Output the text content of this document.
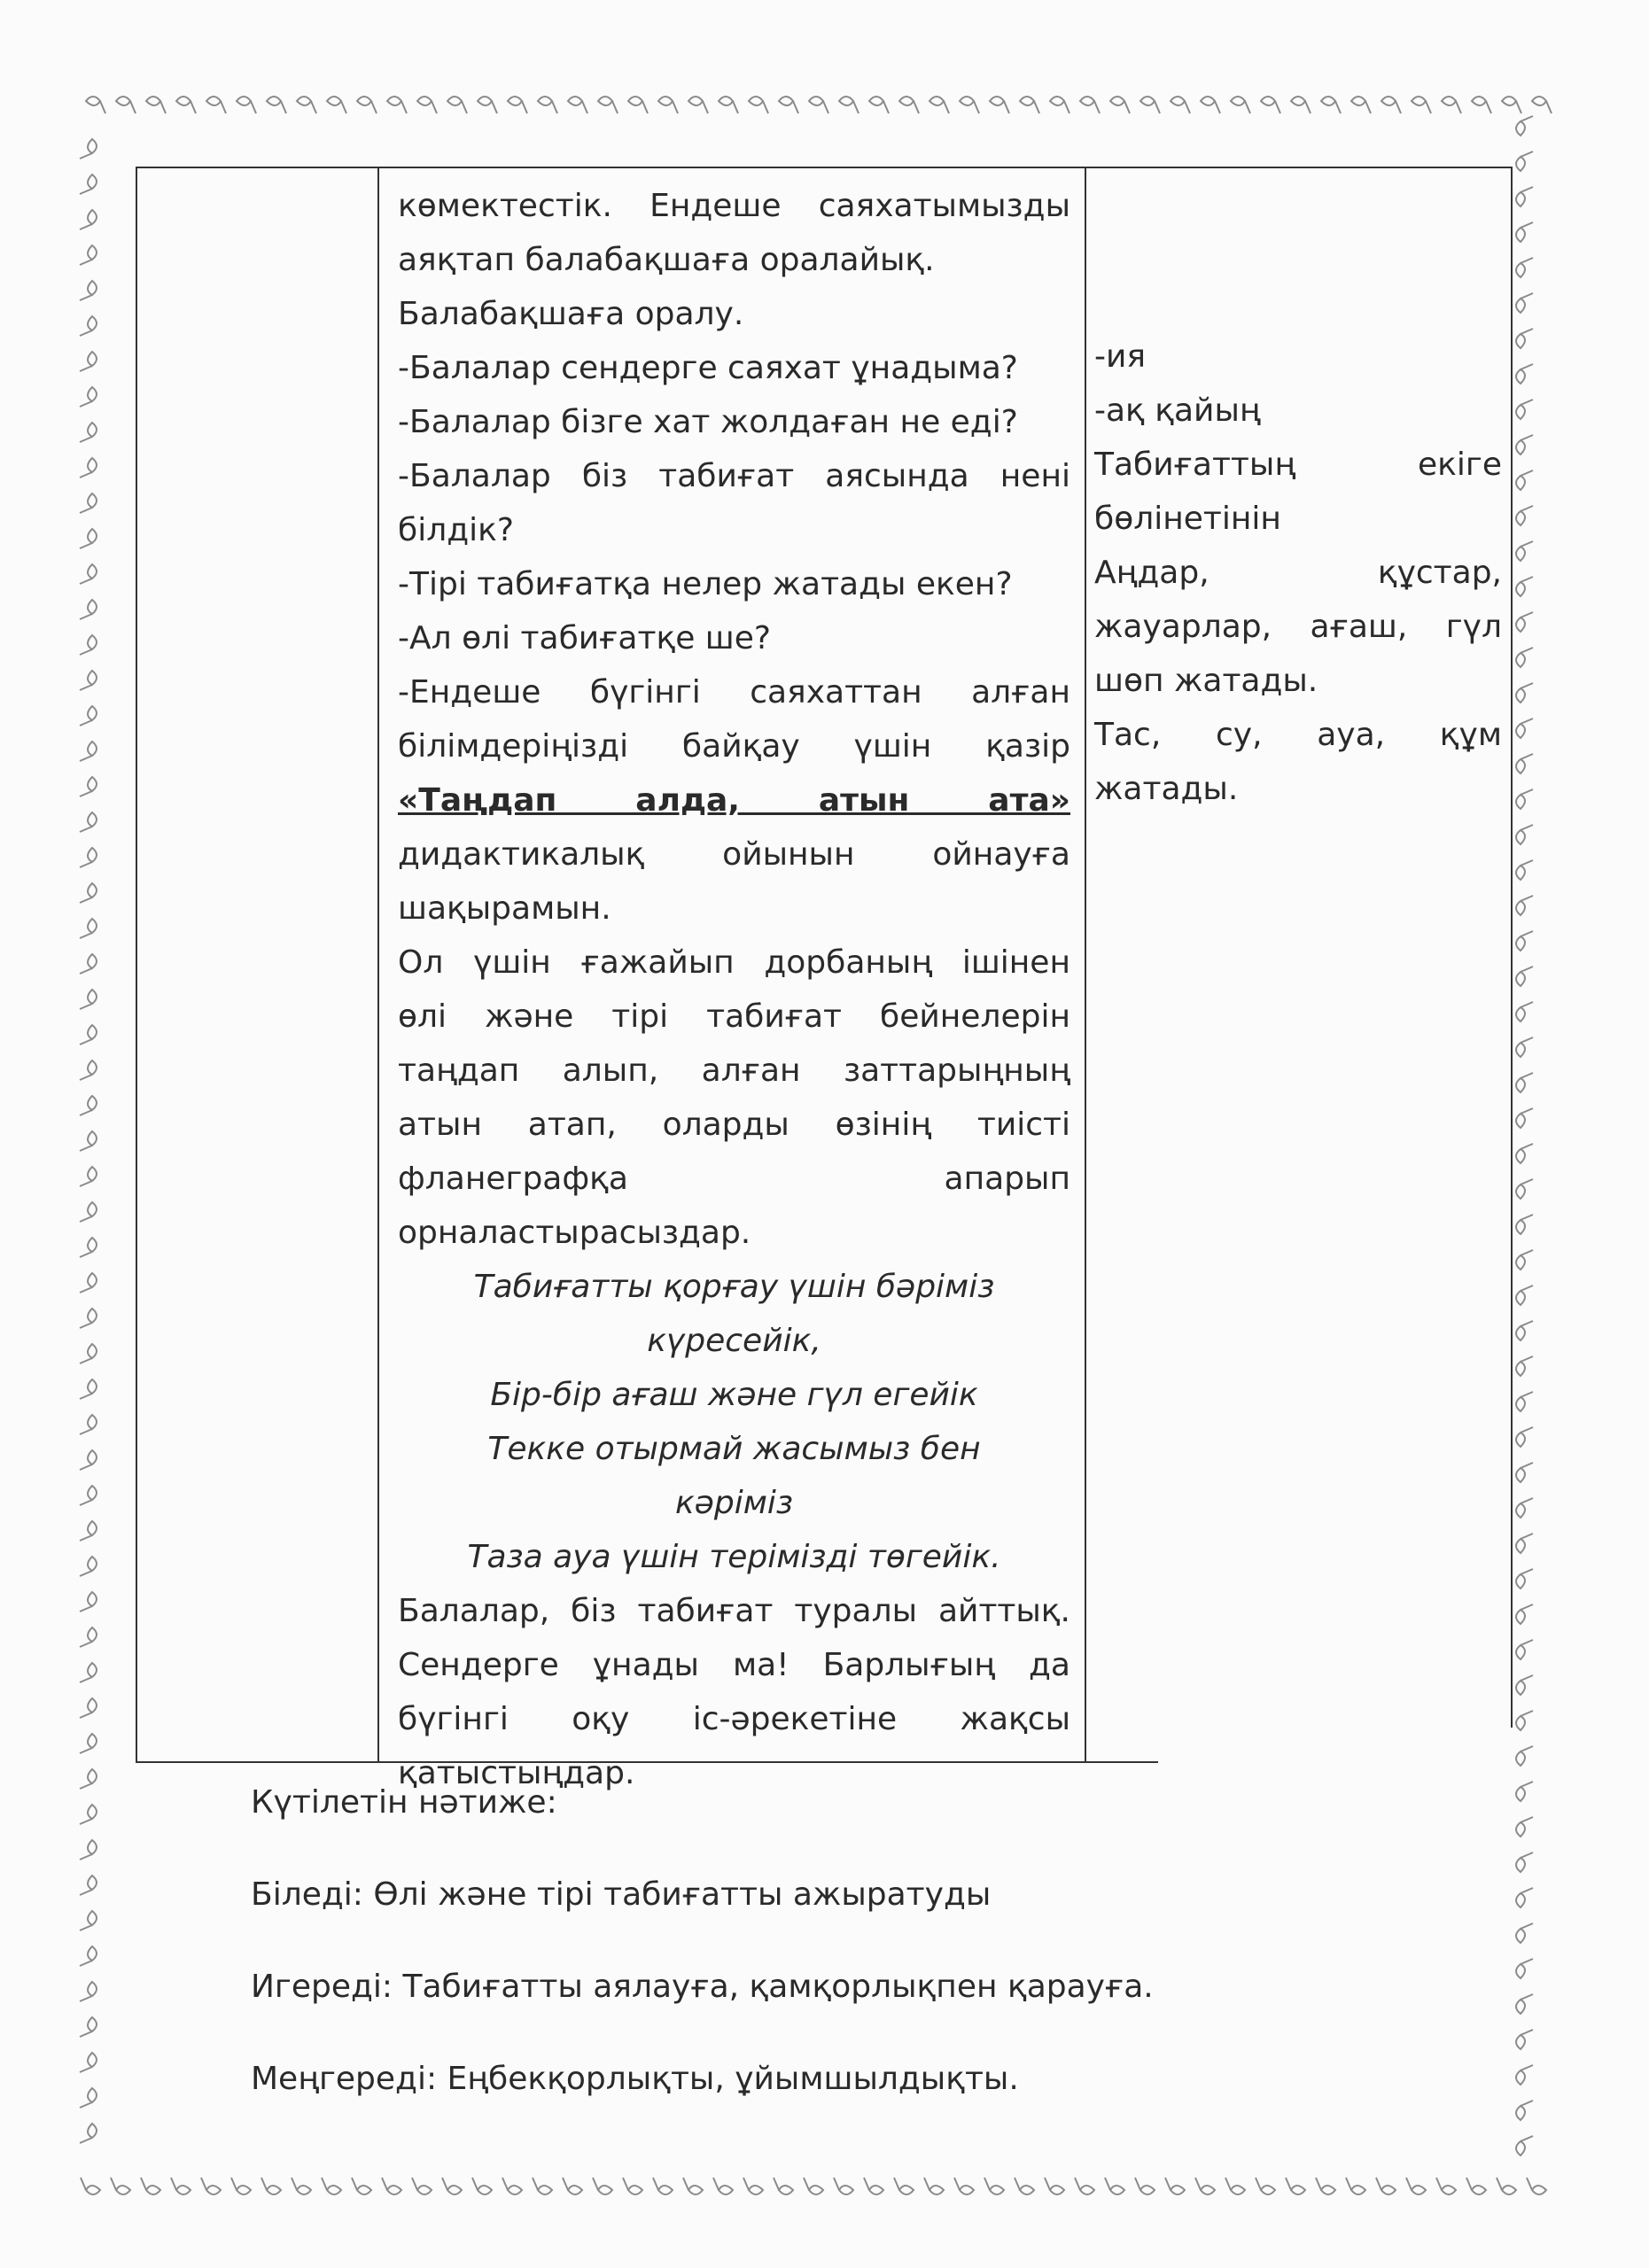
көмектестік. Ендеше саяхатымызды
аяқтап балабақшаға оралайық.
Балабақшаға оралу.
-Балалар сендерге саяхат ұнадыма?
-Балалар бізге хат жолдаған не еді?
-Балалар біз табиғат аясында нені
білдік?
-Тірі табиғатқа нелер жатады екен?
-Ал өлі табиғатқе ше?
-Ендеше бүгінгі саяхаттан алған
білімдеріңізді байқау үшін қазір
«Таңдап алда, атын ата»
дидактикалық ойынын ойнауға
шақырамын.
Ол үшін ғажайып дорбаның ішінен
өлі және тірі табиғат бейнелерін
таңдап алып, алған заттарыңның
атын атап, оларды өзінің тиісті
фланеграфқа апарып
орналастырасыздар.
Табиғатты қорғау үшін бәріміз
күресейік,
Бір-бір ағаш және гүл егейік
Текке отырмай жасымыз бен
кәріміз
Таза ауа үшін терімізді төгейік.
Балалар, біз табиғат туралы айттық.
Сендерге ұнады ма! Барлығың да
бүгінгі оқу іс-әрекетіне жақсы
қатыстыңдар.
-ия
-ақ қайың
Табиғаттың екіге
бөлінетінін
Аңдар, құстар,
жауарлар, ағаш, гүл
шөп жатады.
Тас, су, ауа, құм
жатады.
Күтілетін нәтиже:
Біледі: Өлі және тірі табиғатты ажыратуды
Игереді: Табиғатты аялауға, қамқорлықпен қарауға.
Меңгереді: Еңбекқорлықты, ұйымшылдықты.
